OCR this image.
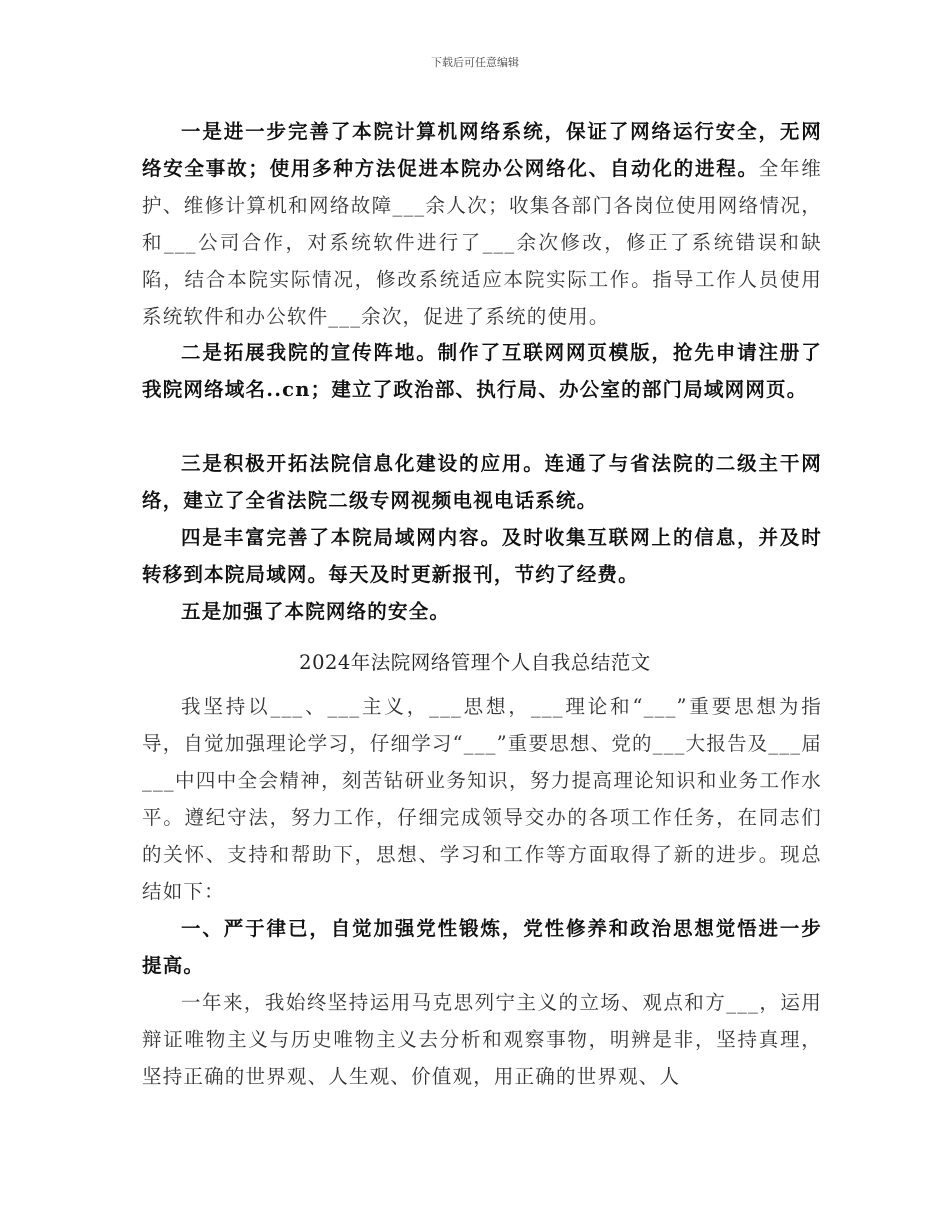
下载后可任意编辑

一是进一步完善了本院计算机网络系统，保证了网络运行安全，无网络安全事故；使用多种方法促进本院办公网络化、自动化的进程。全年维护、维修计算机和网络故障___余人次；收集各部门各岗位使用网络情况，和___公司合作，对系统软件进行了___余次修改，修正了系统错误和缺陷，结合本院实际情况，修改系统适应本院实际工作。指导工作人员使用系统软件和办公软件___余次，促进了系统的使用。

二是拓展我院的宣传阵地。制作了互联网网页模版，抢先申请注册了我院网络域名..cn；建立了政治部、执行局、办公室的部门局域网网页。

三是积极开拓法院信息化建设的应用。连通了与省法院的二级主干网络，建立了全省法院二级专网视频电视电话系统。

四是丰富完善了本院局域网内容。及时收集互联网上的信息，并及时转移到本院局域网。每天及时更新报刊，节约了经费。

五是加强了本院网络的安全。

2024年法院网络管理个人自我总结范文

我坚持以___、___主义，___思想，___理论和“___”重要思想为指导，自觉加强理论学习，仔细学习“___”重要思想、党的___大报告及___届___中四中全会精神，刻苦钻研业务知识，努力提高理论知识和业务工作水平。遵纪守法，努力工作，仔细完成领导交办的各项工作任务，在同志们的关怀、支持和帮助下，思想、学习和工作等方面取得了新的进步。现总结如下：

一、严于律已，自觉加强党性锻炼，党性修养和政治思想觉悟进一步提高。

一年来，我始终坚持运用马克思列宁主义的立场、观点和方___，运用辩证唯物主义与历史唯物主义去分析和观察事物，明辨是非，坚持真理，坚持正确的世界观、人生观、价值观，用正确的世界观、人
